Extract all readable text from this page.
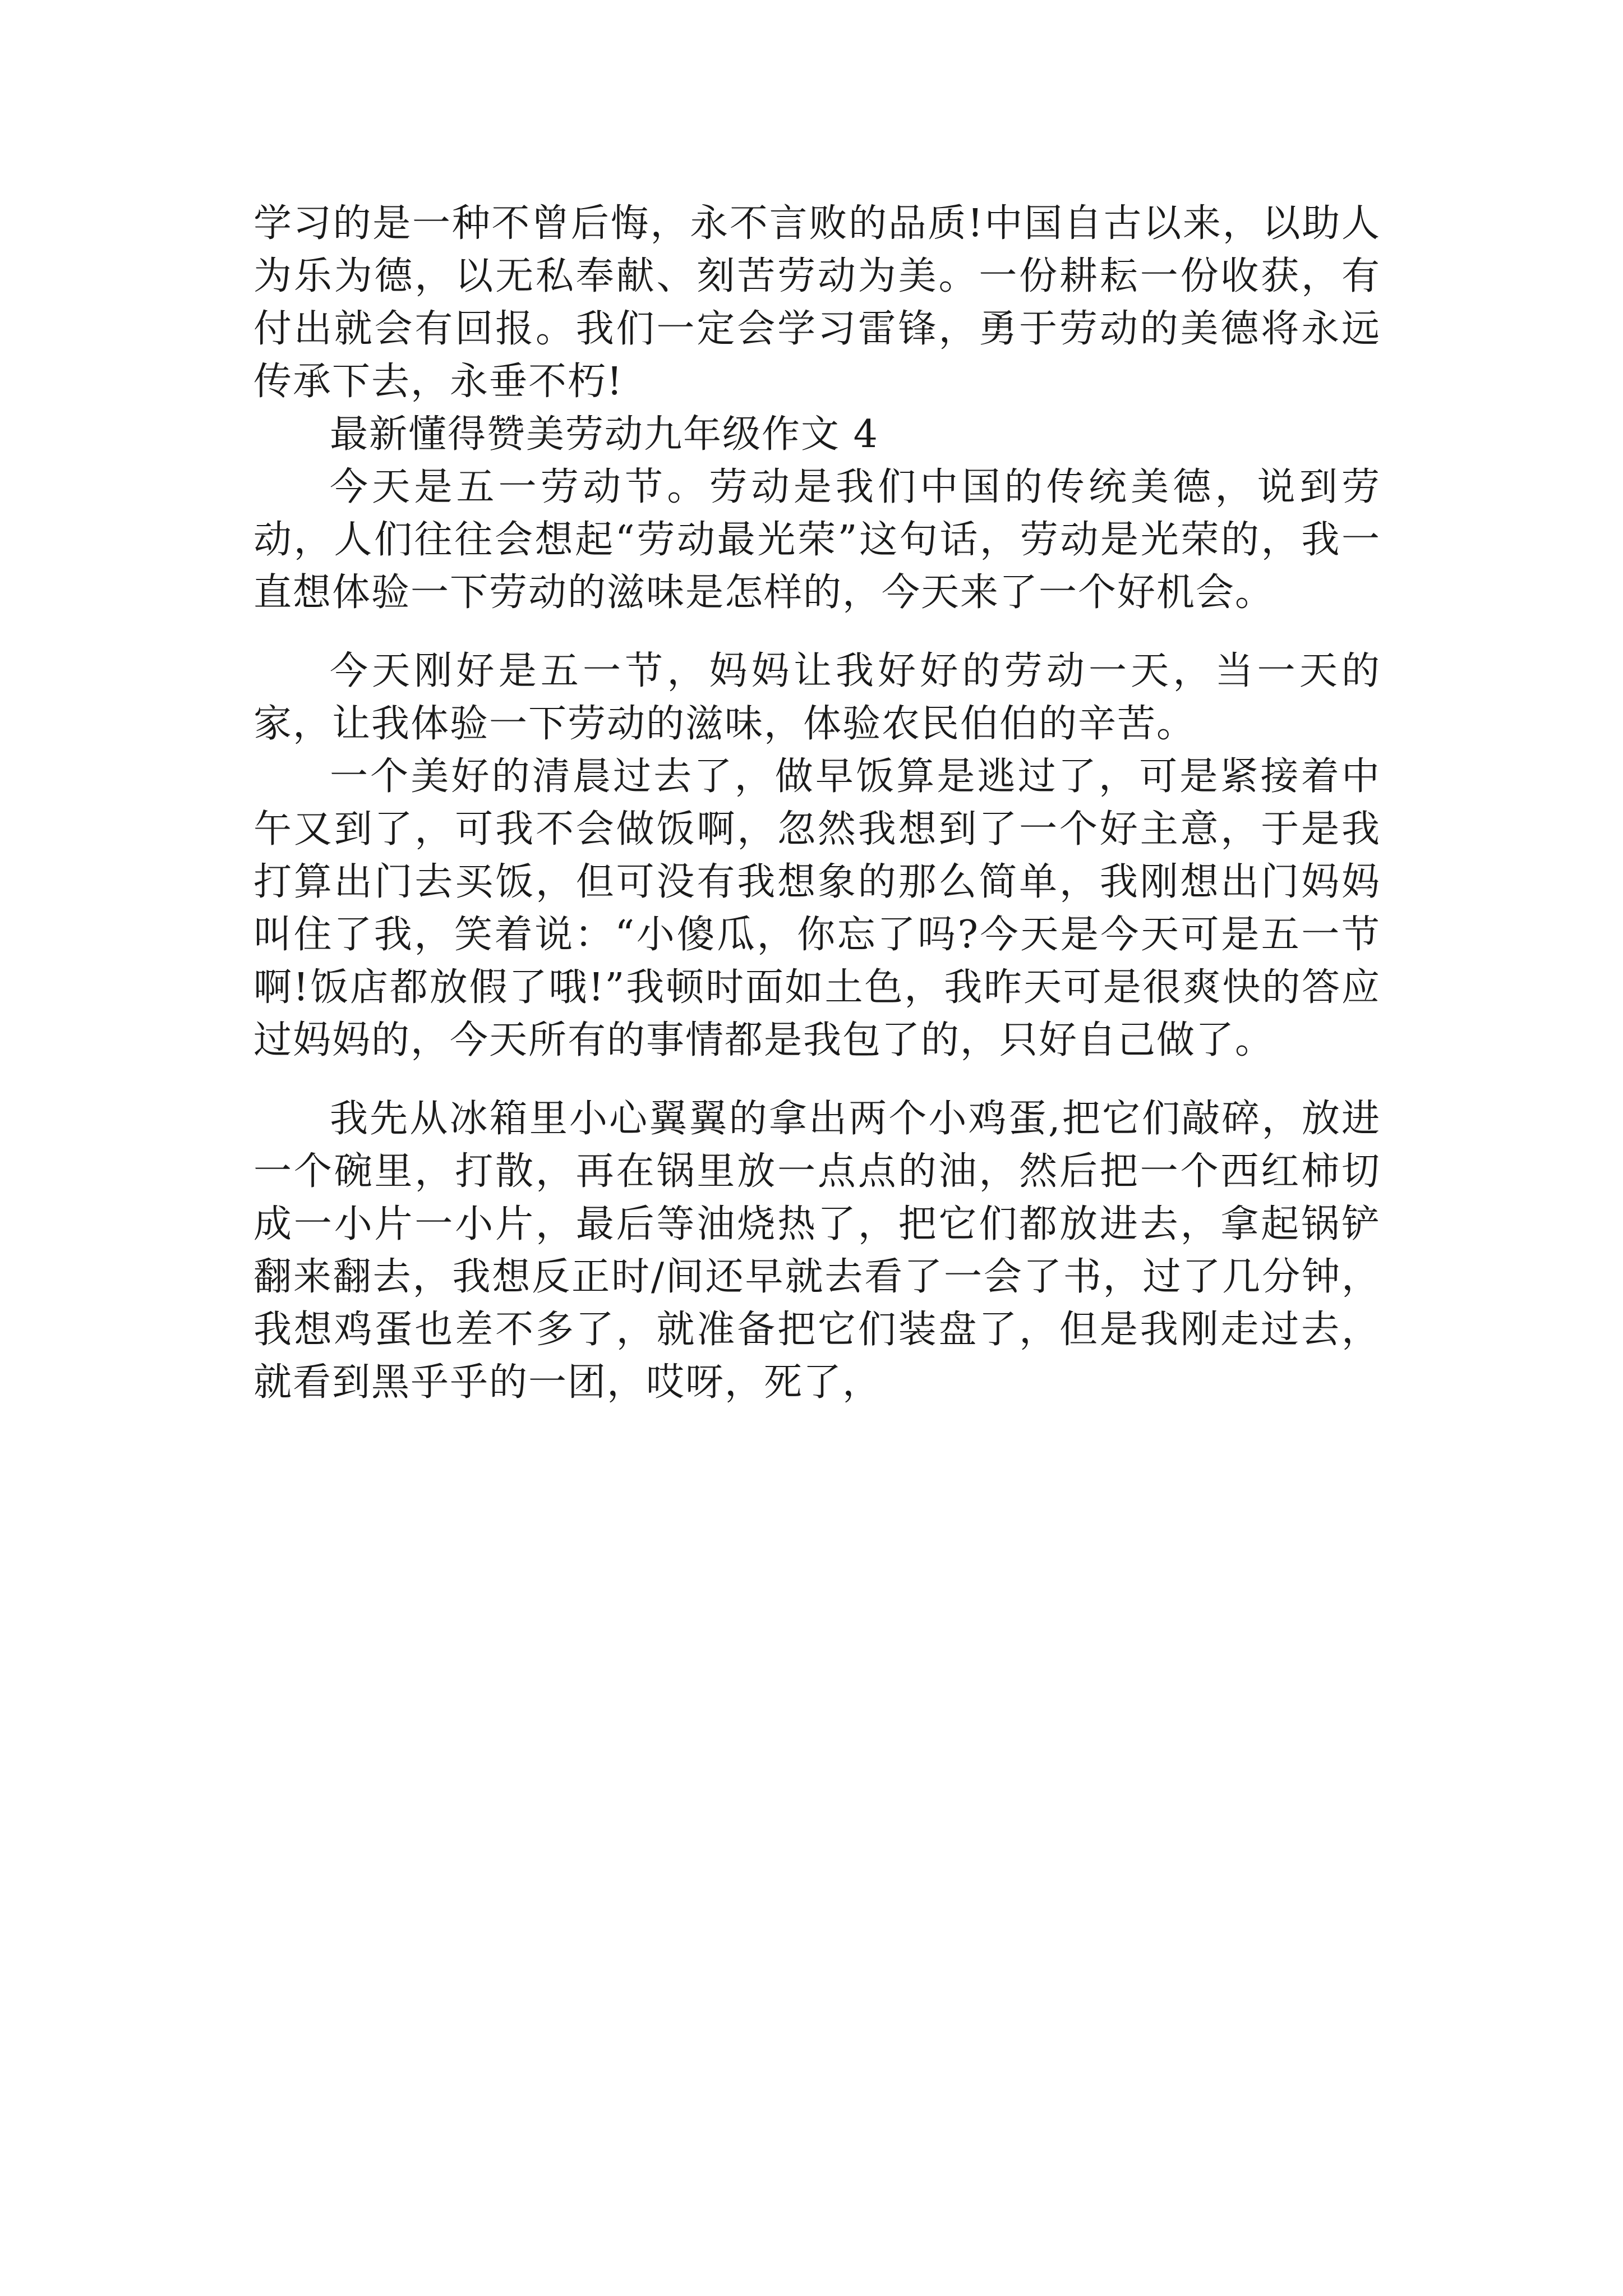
学习的是一种不曾后悔，永不言败的品质!中国自古以来，以助人为乐为德，以无私奉献、刻苦劳动为美。一份耕耘一份收获，有付出就会有回报。我们一定会学习雷锋，勇于劳动的美德将永远传承下去，永垂不朽!

最新懂得赞美劳动九年级作文 4

今天是五一劳动节。劳动是我们中国的传统美德，说到劳动，人们往往会想起“劳动最光荣”这句话，劳动是光荣的，我一直想体验一下劳动的滋味是怎样的，今天来了一个好机会。

今天刚好是五一节，妈妈让我好好的劳动一天，当一天的家，让我体验一下劳动的滋味，体验农民伯伯的辛苦。

一个美好的清晨过去了，做早饭算是逃过了，可是紧接着中午又到了，可我不会做饭啊，忽然我想到了一个好主意，于是我打算出门去买饭，但可没有我想象的那么简单，我刚想出门妈妈叫住了我，笑着说：“小傻瓜，你忘了吗?今天是今天可是五一节啊!饭店都放假了哦!”我顿时面如土色，我昨天可是很爽快的答应过妈妈的，今天所有的事情都是我包了的，只好自己做了。

我先从冰箱里小心翼翼的拿出两个小鸡蛋,把它们敲碎，放进一个碗里，打散，再在锅里放一点点的油，然后把一个西红柿切成一小片一小片，最后等油烧热了，把它们都放进去，拿起锅铲翻来翻去，我想反正时/间还早就去看了一会了书，过了几分钟，我想鸡蛋也差不多了，就准备把它们装盘了，但是我刚走过去，就看到黑乎乎的一团，哎呀，死了，
